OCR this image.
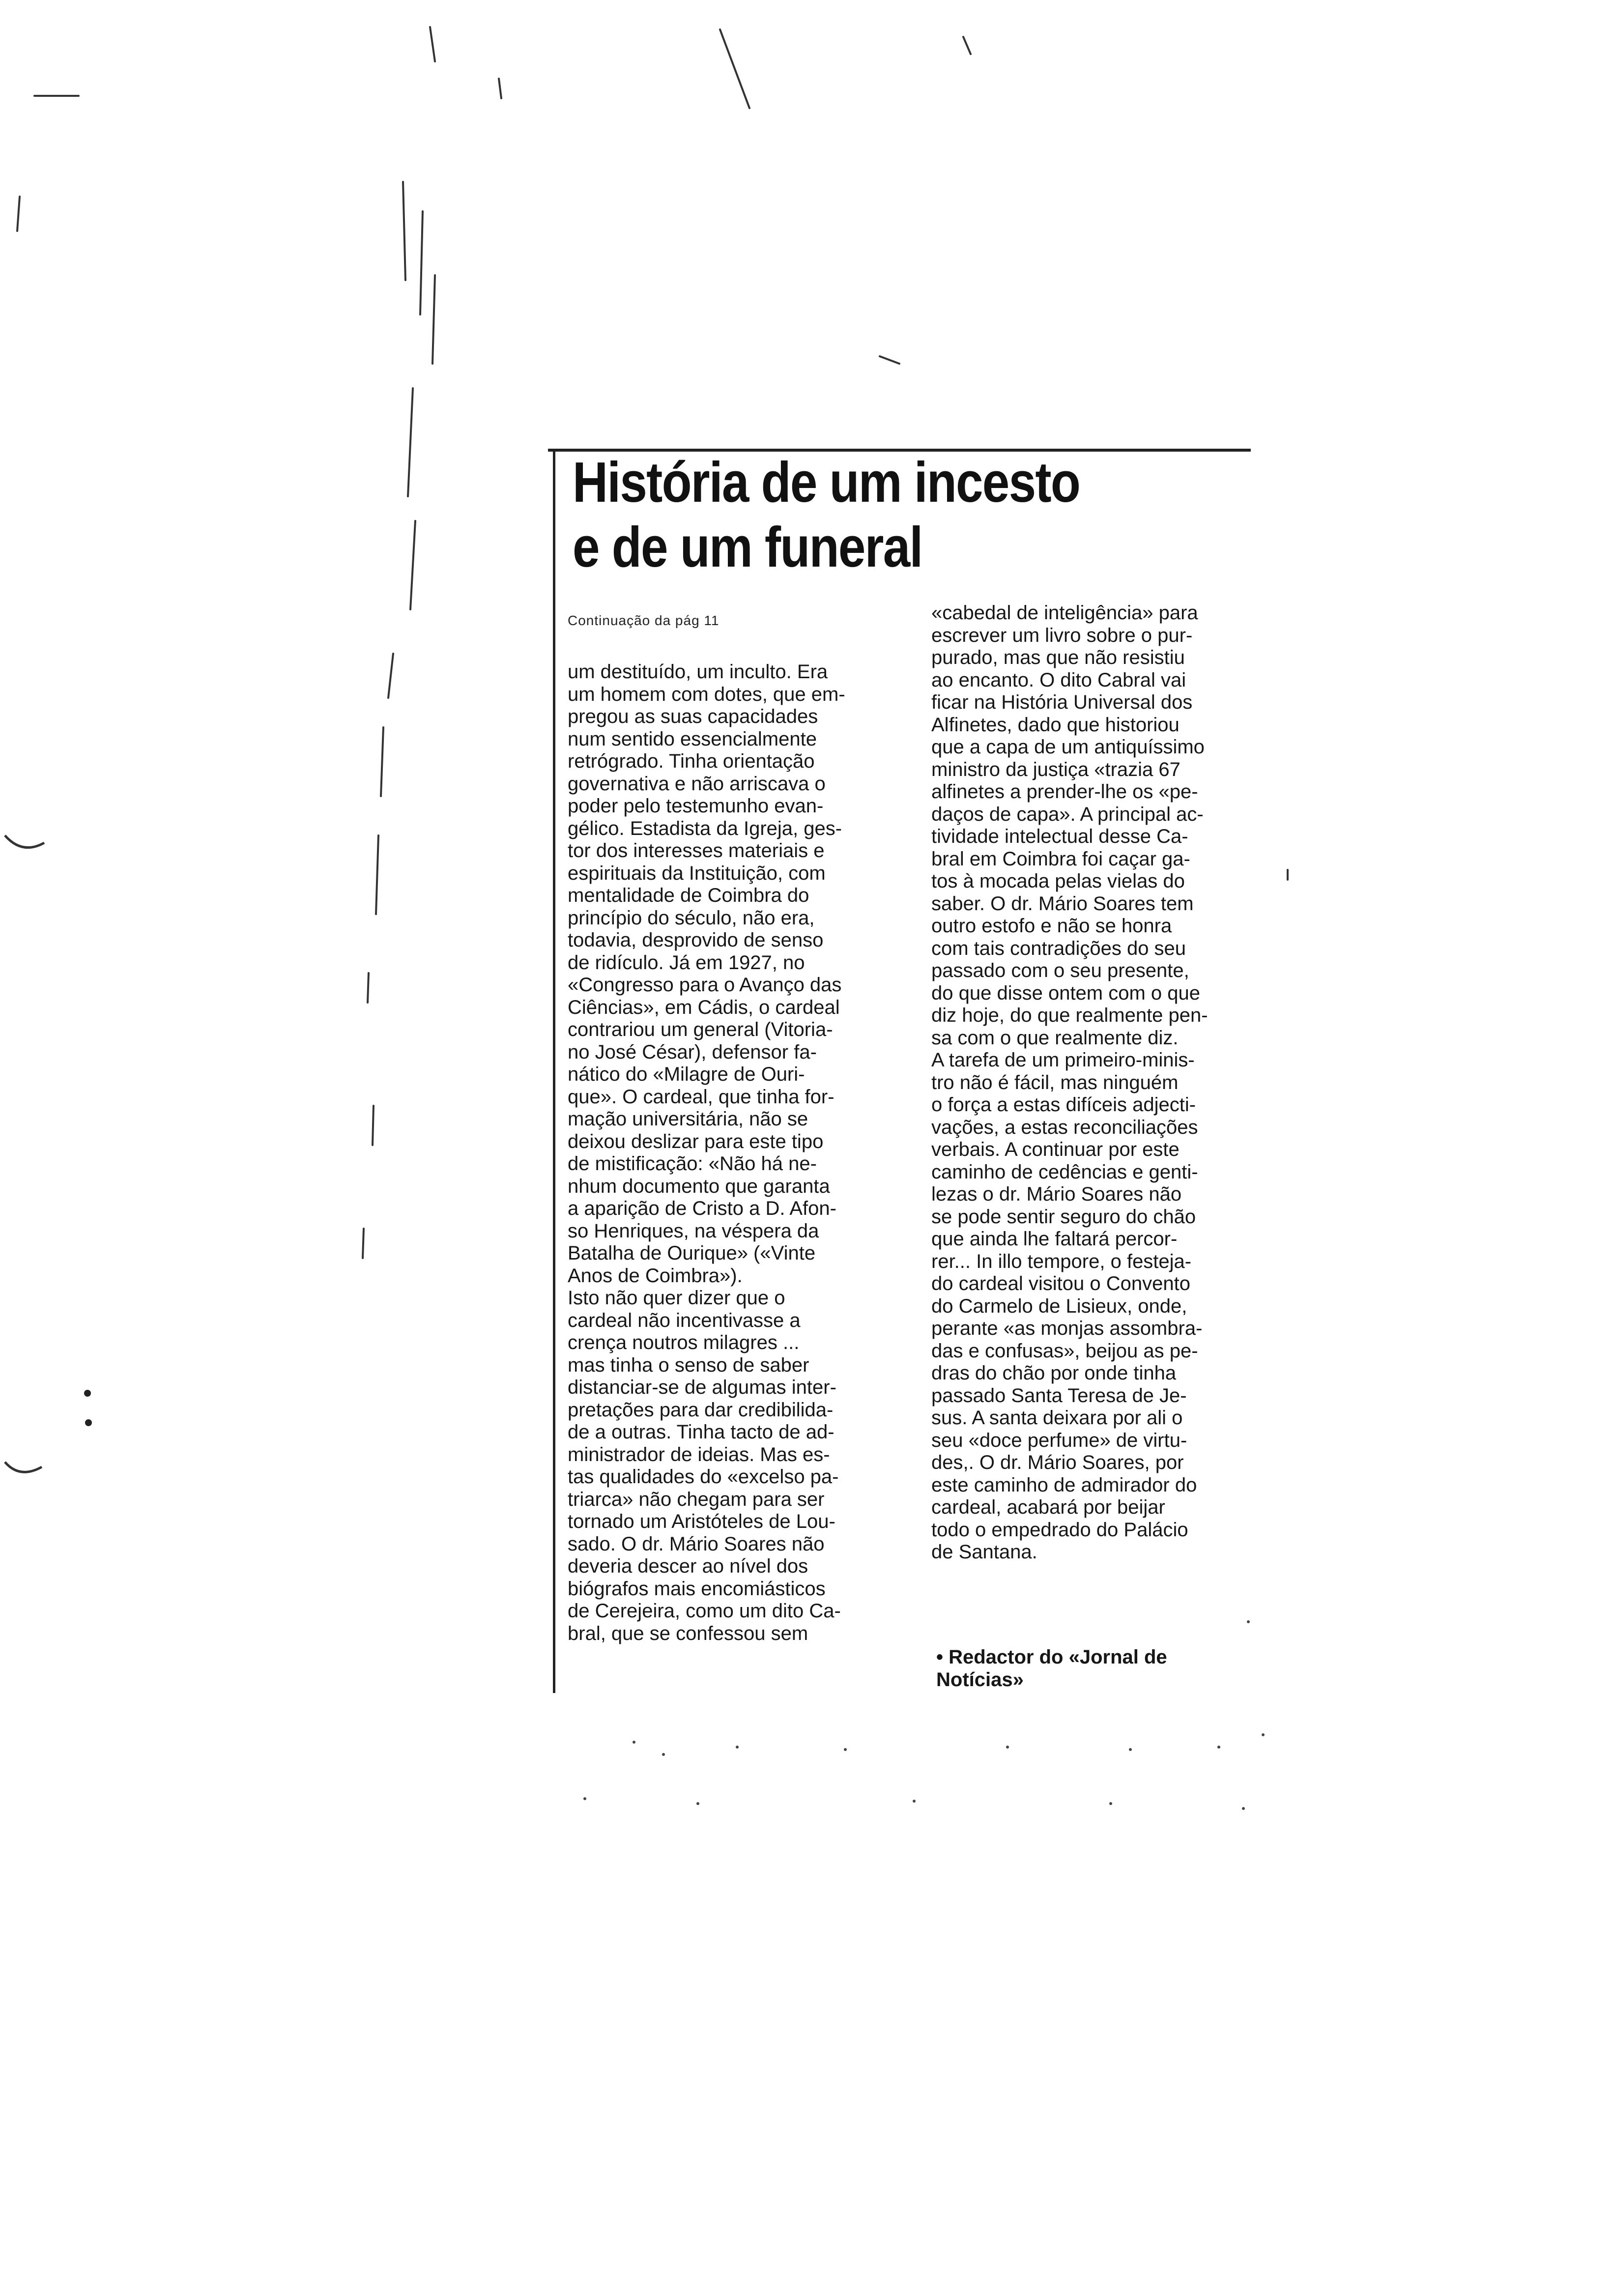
História de um incesto
e de um funeral
Continuação da pág 11
um destituído, um inculto. Era
um homem com dotes, que em-
pregou as suas capacidades
num sentido essencialmente
retrógrado. Tinha orientação
governativa e não arriscava o
poder pelo testemunho evan-
gélico. Estadista da Igreja, ges-
tor dos interesses materiais e
espirituais da Instituição, com
mentalidade de Coimbra do
princípio do século, não era,
todavia, desprovido de senso
de ridículo. Já em 1927, no
«Congresso para o Avanço das
Ciências», em Cádis, o cardeal
contrariou um general (Vitoria-
no José César), defensor fa-
nático do «Milagre de Ouri-
que». O cardeal, que tinha for-
mação universitária, não se
deixou deslizar para este tipo
de mistificação: «Não há ne-
nhum documento que garanta
a aparição de Cristo a D. Afon-
so Henriques, na véspera da
Batalha de Ourique» («Vinte
Anos de Coimbra»).
Isto não quer dizer que o
cardeal não incentivasse a
crença noutros milagres ...
mas tinha o senso de saber
distanciar-se de algumas inter-
pretações para dar credibilida-
de a outras. Tinha tacto de ad-
ministrador de ideias. Mas es-
tas qualidades do «excelso pa-
triarca» não chegam para ser
tornado um Aristóteles de Lou-
sado. O dr. Mário Soares não
deveria descer ao nível dos
biógrafos mais encomiásticos
de Cerejeira, como um dito Ca-
bral, que se confessou sem
«cabedal de inteligência» para
escrever um livro sobre o pur-
purado, mas que não resistiu
ao encanto. O dito Cabral vai
ficar na História Universal dos
Alfinetes, dado que historiou
que a capa de um antiquíssimo
ministro da justiça «trazia 67
alfinetes a prender-lhe os «pe-
daços de capa». A principal ac-
tividade intelectual desse Ca-
bral em Coimbra foi caçar ga-
tos à mocada pelas vielas do
saber. O dr. Mário Soares tem
outro estofo e não se honra
com tais contradições do seu
passado com o seu presente,
do que disse ontem com o que
diz hoje, do que realmente pen-
sa com o que realmente diz.
A tarefa de um primeiro-minis-
tro não é fácil, mas ninguém
o força a estas difíceis adjecti-
vações, a estas reconciliações
verbais. A continuar por este
caminho de cedências e genti-
lezas o dr. Mário Soares não
se pode sentir seguro do chão
que ainda lhe faltará percor-
rer... In illo tempore, o festeja-
do cardeal visitou o Convento
do Carmelo de Lisieux, onde,
perante «as monjas assombra-
das e confusas», beijou as pe-
dras do chão por onde tinha
passado Santa Teresa de Je-
sus. A santa deixara por ali o
seu «doce perfume» de virtu-
des,. O dr. Mário Soares, por
este caminho de admirador do
cardeal, acabará por beijar
todo o empedrado do Palácio
de Santana.
• Redactor do «Jornal de
Notícias»
